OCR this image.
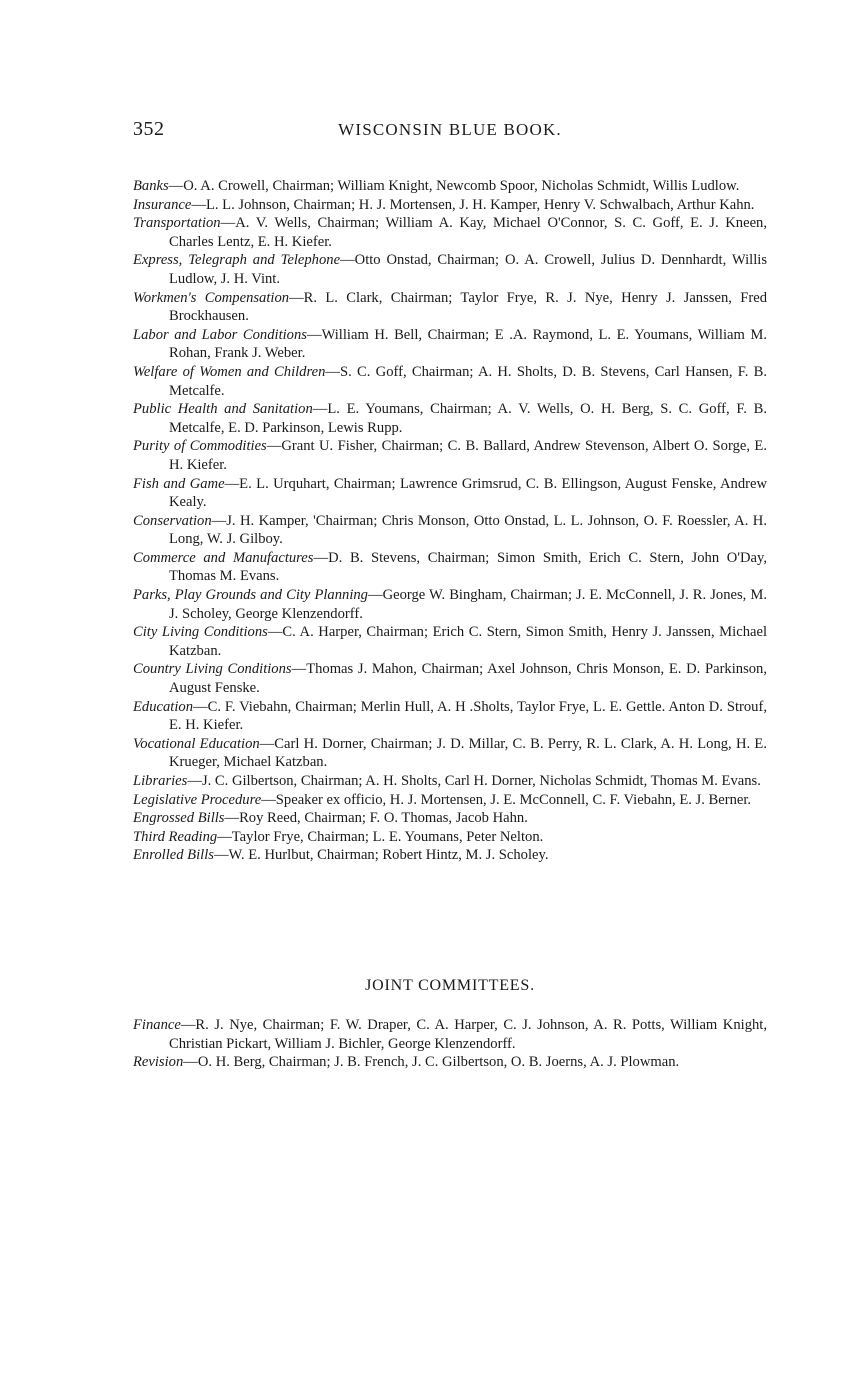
352	WISCONSIN BLUE BOOK.

Banks—O. A. Crowell, Chairman; William Knight, Newcomb Spoor, Nicholas Schmidt, Willis Ludlow.

Insurance—L. L. Johnson, Chairman; H. J. Mortensen, J. H. Kamper, Henry V. Schwalbach, Arthur Kahn.

Transportation—A. V. Wells, Chairman; William A. Kay, Michael O'Connor, S. C. Goff, E. J. Kneen, Charles Lentz, E. H. Kiefer.

Express, Telegraph and Telephone—Otto Onstad, Chairman; O. A. Crowell, Julius D. Dennhardt, Willis Ludlow, J. H. Vint.

Workmen's Compensation—R. L. Clark, Chairman; Taylor Frye, R. J. Nye, Henry J. Janssen, Fred Brockhausen.

Labor and Labor Conditions—William H. Bell, Chairman; E .A. Raymond, L. E. Youmans, William M. Rohan, Frank J. Weber.

Welfare of Women and Children—S. C. Goff, Chairman; A. H. Sholts, D. B. Stevens, Carl Hansen, F. B. Metcalfe.

Public Health and Sanitation—L. E. Youmans, Chairman; A. V. Wells, O. H. Berg, S. C. Goff, F. B. Metcalfe, E. D. Parkinson, Lewis Rupp.

Purity of Commodities—Grant U. Fisher, Chairman; C. B. Ballard, Andrew Stevenson, Albert O. Sorge, E. H. Kiefer.

Fish and Game—E. L. Urquhart, Chairman; Lawrence Grimsrud, C. B. Ellingson, August Fenske, Andrew Kealy.

Conservation—J. H. Kamper, 'Chairman; Chris Monson, Otto Onstad, L. L. Johnson, O. F. Roessler, A. H. Long, W. J. Gilboy.

Commerce and Manufactures—D. B. Stevens, Chairman; Simon Smith, Erich C. Stern, John O'Day, Thomas M. Evans.

Parks, Play Grounds and City Planning—George W. Bingham, Chairman; J. E. McConnell, J. R. Jones, M. J. Scholey, George Klenzendorff.

City Living Conditions—C. A. Harper, Chairman; Erich C. Stern, Simon Smith, Henry J. Janssen, Michael Katzban.

Country Living Conditions—Thomas J. Mahon, Chairman; Axel Johnson, Chris Monson, E. D. Parkinson, August Fenske.

Education—C. F. Viebahn, Chairman; Merlin Hull, A. H .Sholts, Taylor Frye, L. E. Gettle. Anton D. Strouf, E. H. Kiefer.

Vocational Education—Carl H. Dorner, Chairman; J. D. Millar, C. B. Perry, R. L. Clark, A. H. Long, H. E. Krueger, Michael Katzban.

Libraries—J. C. Gilbertson, Chairman; A. H. Sholts, Carl H. Dorner, Nicholas Schmidt, Thomas M. Evans.

Legislative Procedure—Speaker ex officio, H. J. Mortensen, J. E. McConnell, C. F. Viebahn, E. J. Berner.

Engrossed Bills—Roy Reed, Chairman; F. O. Thomas, Jacob Hahn.

Third Reading—Taylor Frye, Chairman; L. E. Youmans, Peter Nelton.

Enrolled Bills—W. E. Hurlbut, Chairman; Robert Hintz, M. J. Scholey.

JOINT COMMITTEES.

Finance—R. J. Nye, Chairman; F. W. Draper, C. A. Harper, C. J. Johnson, A. R. Potts, William Knight, Christian Pickart, William J. Bichler, George Klenzendorff.

Revision—O. H. Berg, Chairman; J. B. French, J. C. Gilbertson, O. B. Joerns, A. J. Plowman.
